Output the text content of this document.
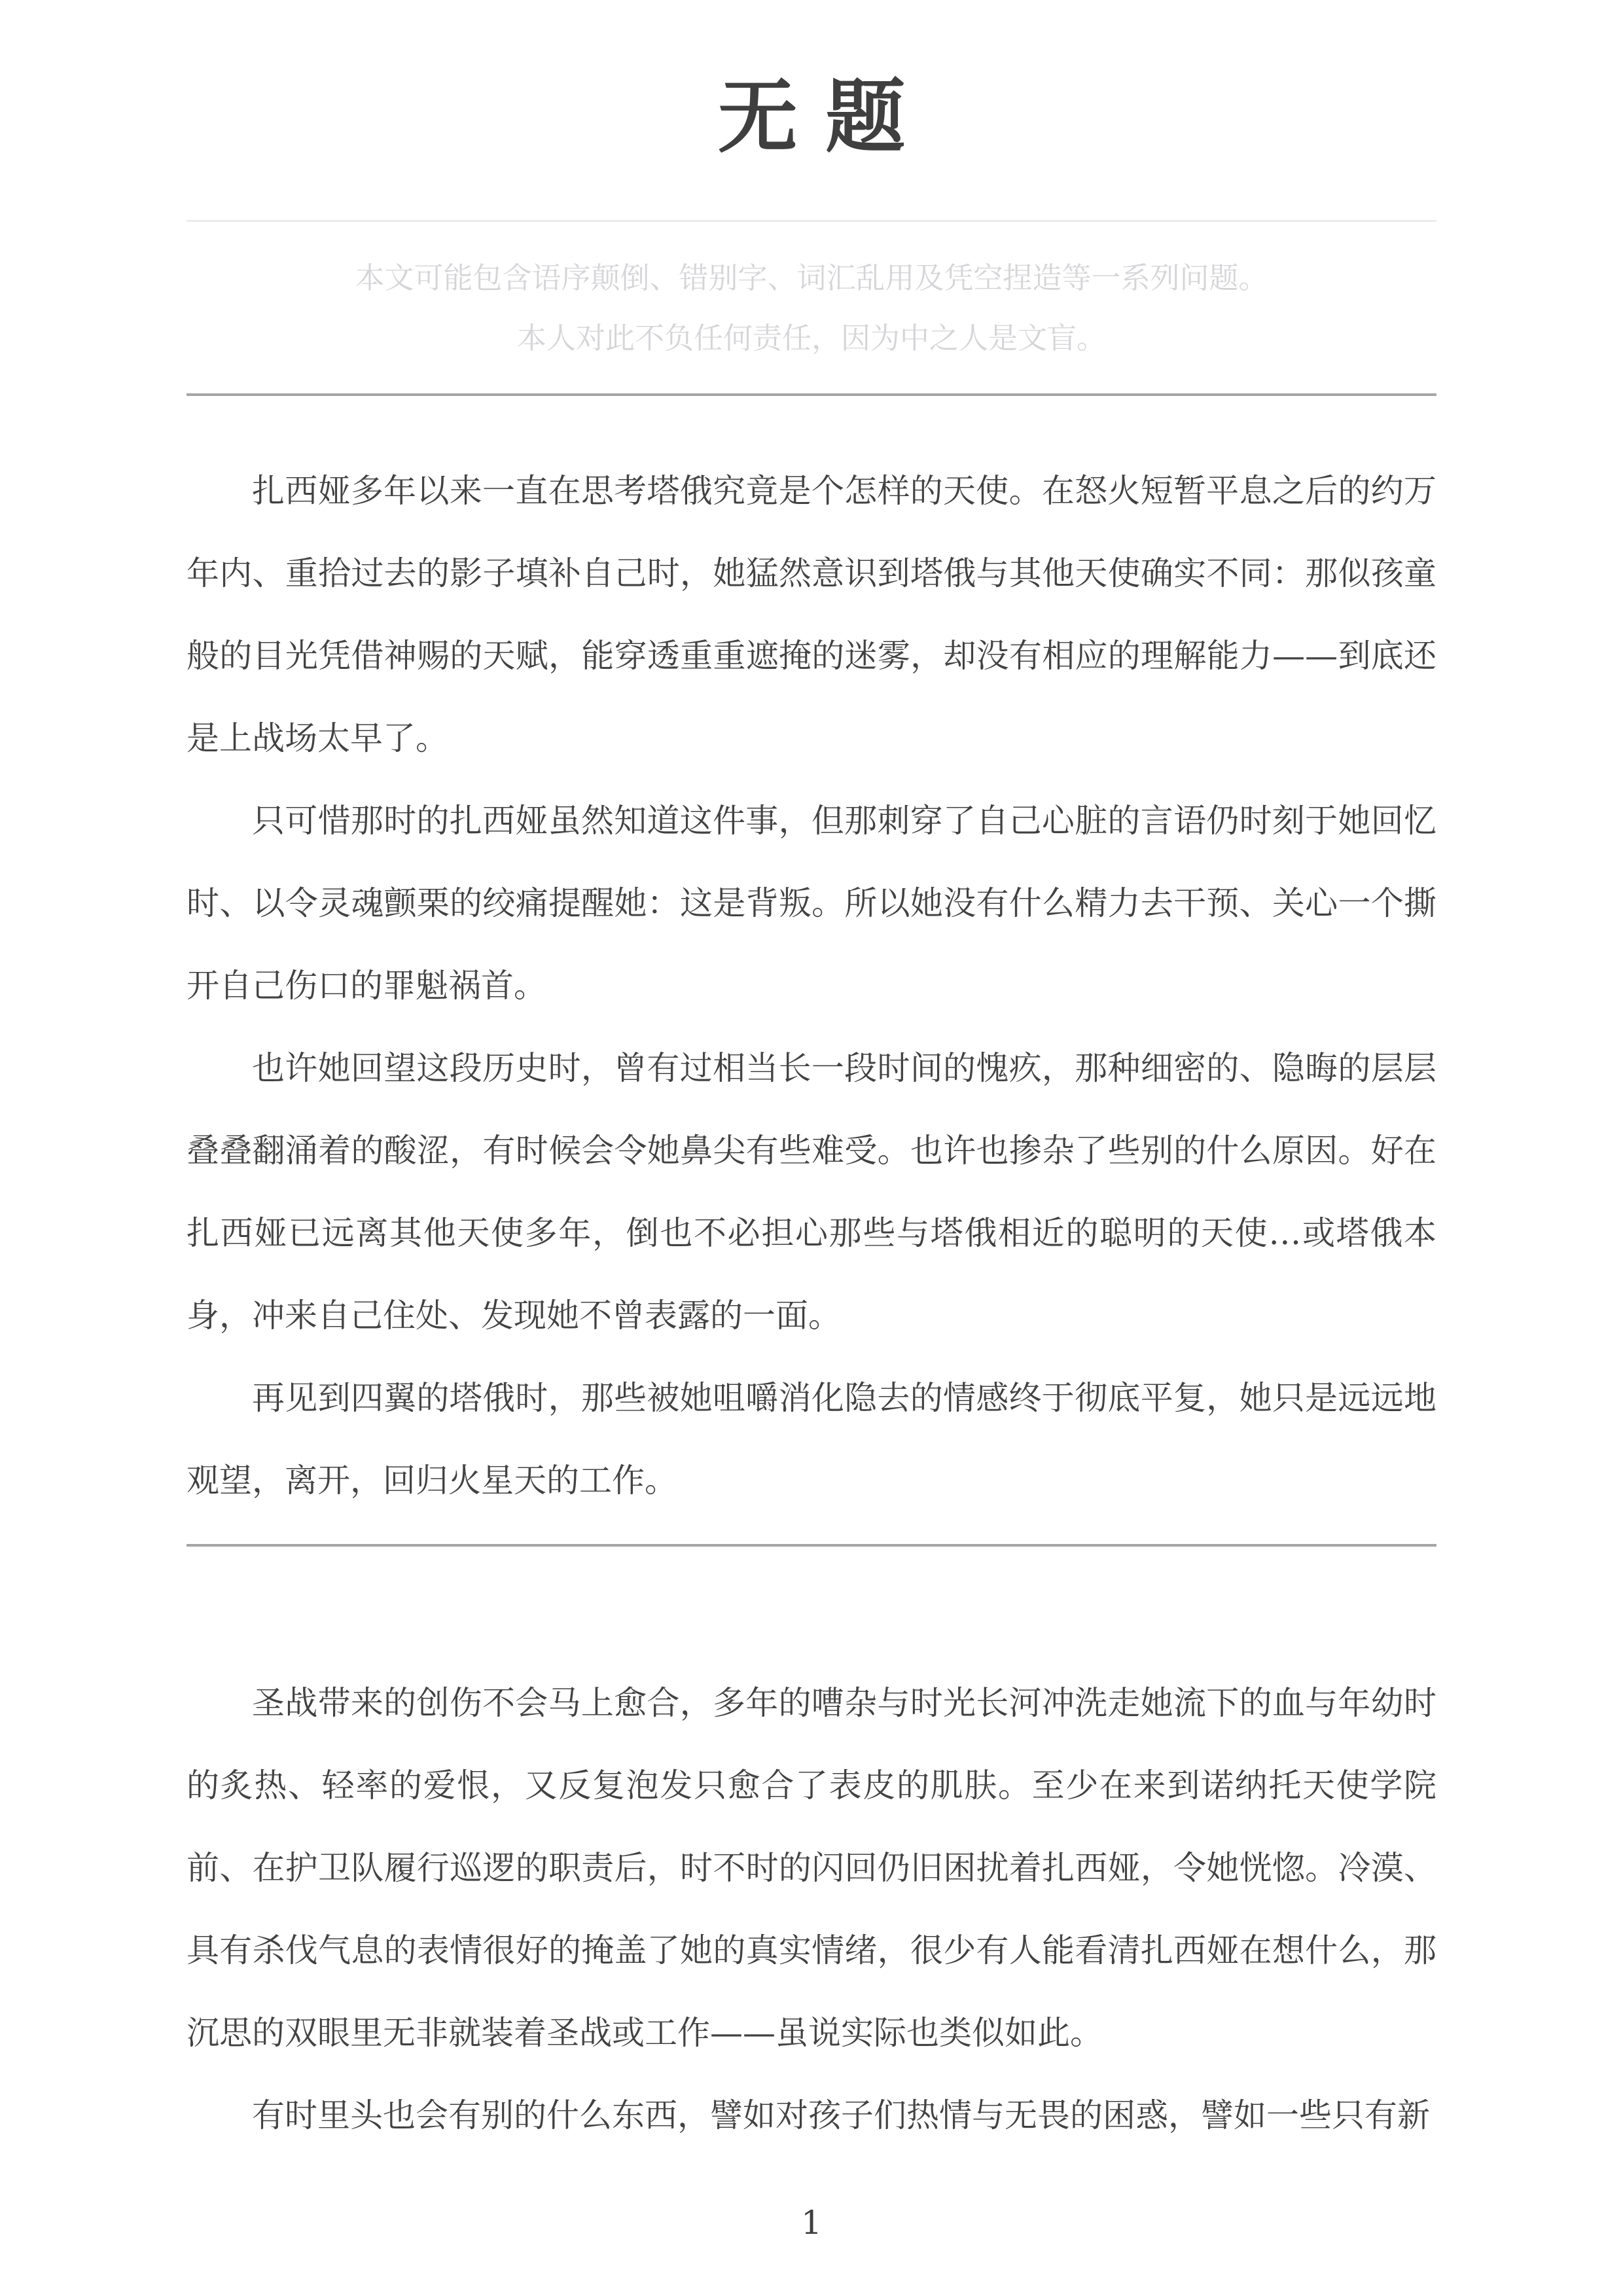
无 题

本文可能包含语序颠倒、错别字、词汇乱用及凭空捏造等一系列问题。

本人对此不负任何责任，因为中之人是文盲。

扎西娅多年以来一直在思考塔俄究竟是个怎样的天使。在怒火短暂平息之后的约万年内、重拾过去的影子填补自己时，她猛然意识到塔俄与其他天使确实不同：那似孩童般的目光凭借神赐的天赋，能穿透重重遮掩的迷雾，却没有相应的理解能力——到底还是上战场太早了。

只可惜那时的扎西娅虽然知道这件事，但那刺穿了自己心脏的言语仍时刻于她回忆时、以令灵魂颤栗的绞痛提醒她：这是背叛。所以她没有什么精力去干预、关心一个撕开自己伤口的罪魁祸首。

也许她回望这段历史时，曾有过相当长一段时间的愧疚，那种细密的、隐晦的层层叠叠翻涌着的酸涩，有时候会令她鼻尖有些难受。也许也掺杂了些别的什么原因。好在扎西娅已远离其他天使多年，倒也不必担心那些与塔俄相近的聪明的天使…或塔俄本身，冲来自己住处、发现她不曾表露的一面。

再见到四翼的塔俄时，那些被她咀嚼消化隐去的情感终于彻底平复，她只是远远地观望，离开，回归火星天的工作。

圣战带来的创伤不会马上愈合，多年的嘈杂与时光长河冲洗走她流下的血与年幼时的炙热、轻率的爱恨，又反复泡发只愈合了表皮的肌肤。至少在来到诺纳托天使学院前、在护卫队履行巡逻的职责后，时不时的闪回仍旧困扰着扎西娅，令她恍惚。冷漠、具有杀伐气息的表情很好的掩盖了她的真实情绪，很少有人能看清扎西娅在想什么，那沉思的双眼里无非就装着圣战或工作——虽说实际也类似如此。

有时里头也会有别的什么东西，譬如对孩子们热情与无畏的困惑，譬如一些只有新

1
